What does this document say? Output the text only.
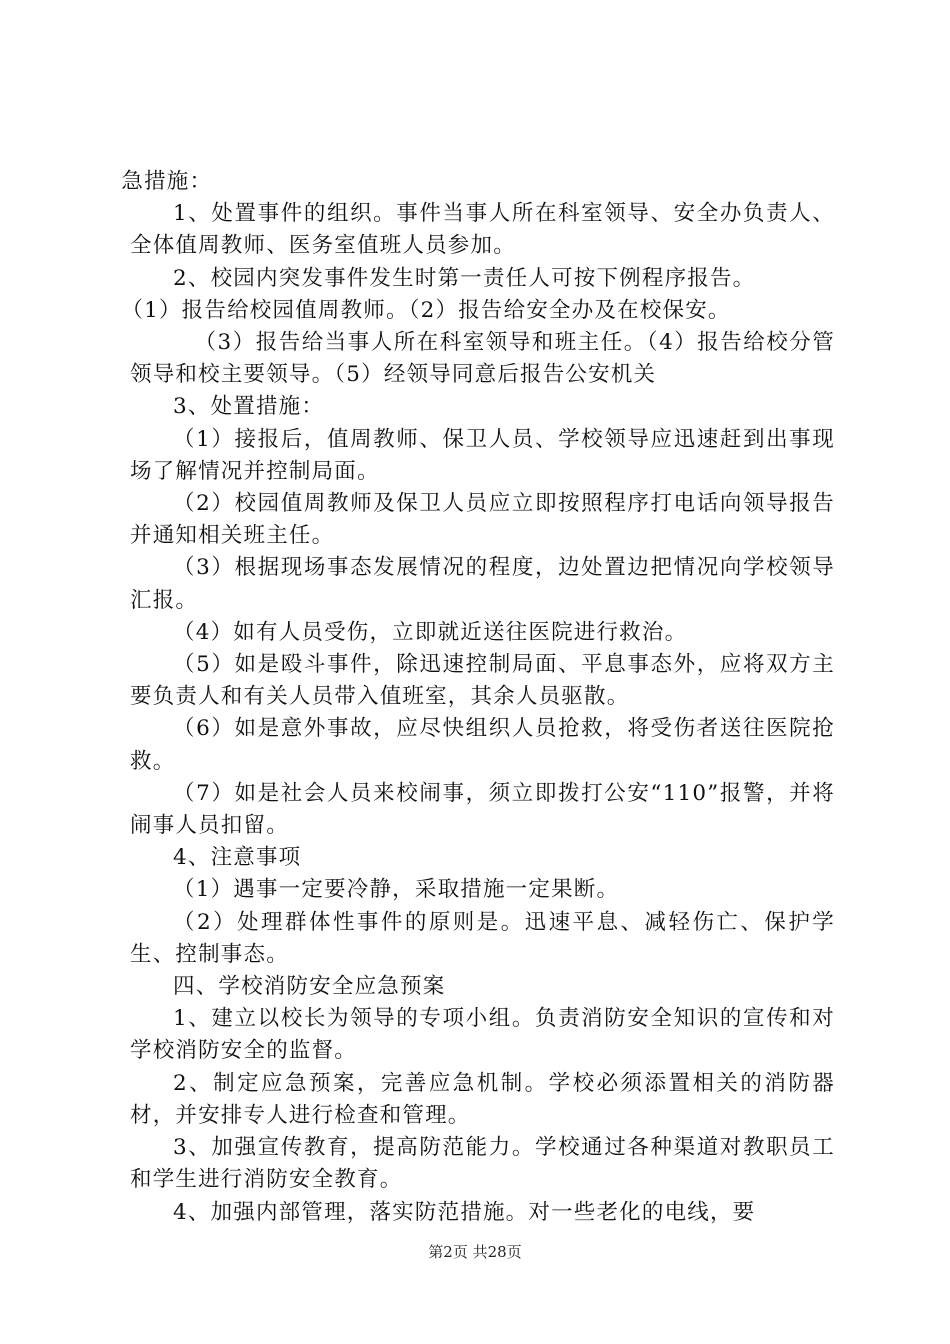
急措施：

1、处置事件的组织。事件当事人所在科室领导、安全办负责人、全体值周教师、医务室值班人员参加。

2、校园内突发事件发生时第一责任人可按下例程序报告。

（1）报告给校园值周教师。（2）报告给安全办及在校保安。

（3）报告给当事人所在科室领导和班主任。（4）报告给校分管领导和校主要领导。（5）经领导同意后报告公安机关

3、处置措施：

（1）接报后，值周教师、保卫人员、学校领导应迅速赶到出事现场了解情况并控制局面。

（2）校园值周教师及保卫人员应立即按照程序打电话向领导报告并通知相关班主任。

（3）根据现场事态发展情况的程度，边处置边把情况向学校领导汇报。

（4）如有人员受伤，立即就近送往医院进行救治。

（5）如是殴斗事件，除迅速控制局面、平息事态外，应将双方主要负责人和有关人员带入值班室，其余人员驱散。

（6）如是意外事故，应尽快组织人员抢救，将受伤者送往医院抢救。

（7）如是社会人员来校闹事，须立即拨打公安“110”报警，并将闹事人员扣留。

4、注意事项

（1）遇事一定要冷静，采取措施一定果断。

（2）处理群体性事件的原则是。迅速平息、减轻伤亡、保护学生、控制事态。

四、学校消防安全应急预案

1、建立以校长为领导的专项小组。负责消防安全知识的宣传和对学校消防安全的监督。

2、制定应急预案，完善应急机制。学校必须添置相关的消防器材，并安排专人进行检查和管理。

3、加强宣传教育，提高防范能力。学校通过各种渠道对教职员工和学生进行消防安全教育。

4、加强内部管理，落实防范措施。对一些老化的电线，要

第2页 共28页
